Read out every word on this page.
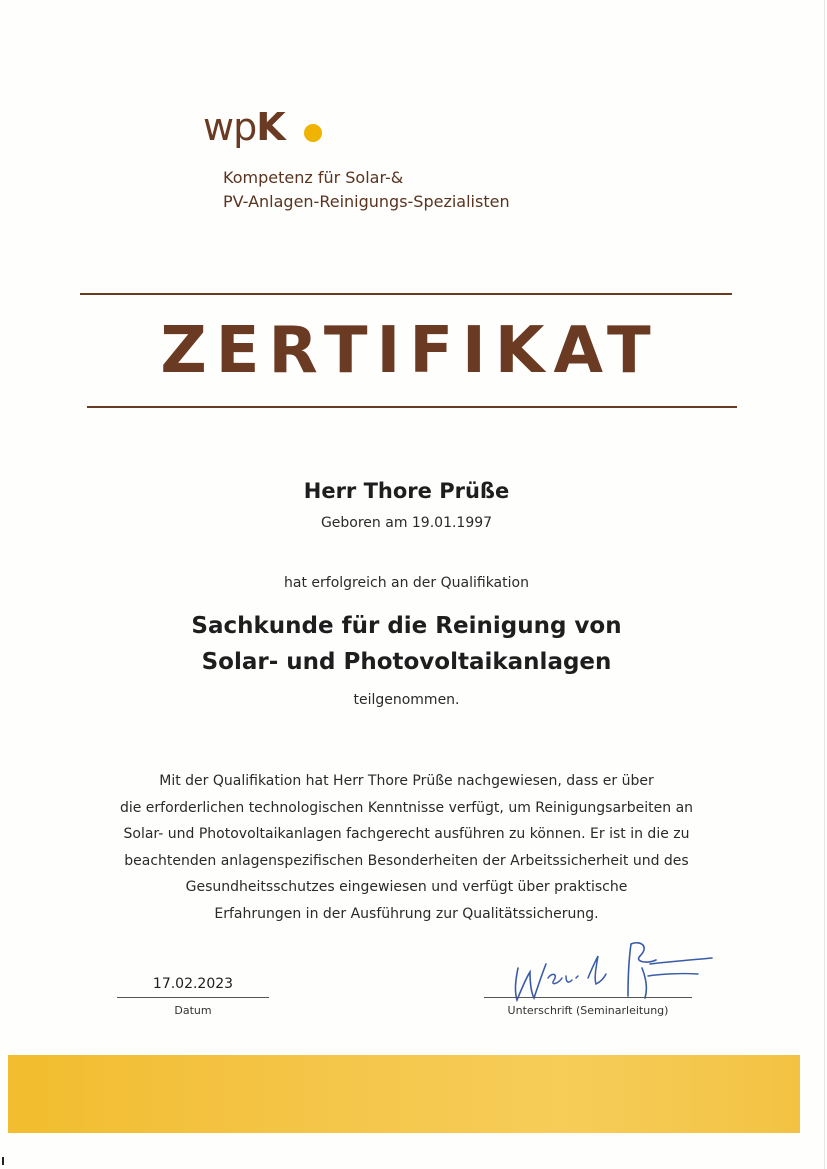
wpK
Kompetenz für Solar-&
PV-Anlagen-Reinigungs-Spezialisten
ZERTIFIKAT
Herr Thore Prüße
Geboren am 19.01.1997
hat erfolgreich an der Qualifikation
Sachkunde für die Reinigung von
Solar- und Photovoltaikanlagen
teilgenommen.
Mit der Qualifikation hat Herr Thore Prüße nachgewiesen, dass er über
die erforderlichen technologischen Kenntnisse verfügt, um Reinigungsarbeiten an
Solar- und Photovoltaikanlagen fachgerecht ausführen zu können. Er ist in die zu
beachtenden anlagenspezifischen Besonderheiten der Arbeitssicherheit und des
Gesundheitsschutzes eingewiesen und verfügt über praktische
Erfahrungen in der Ausführung zur Qualitätssicherung.
17.02.2023
Datum	Unterschrift (Seminarleitung)
